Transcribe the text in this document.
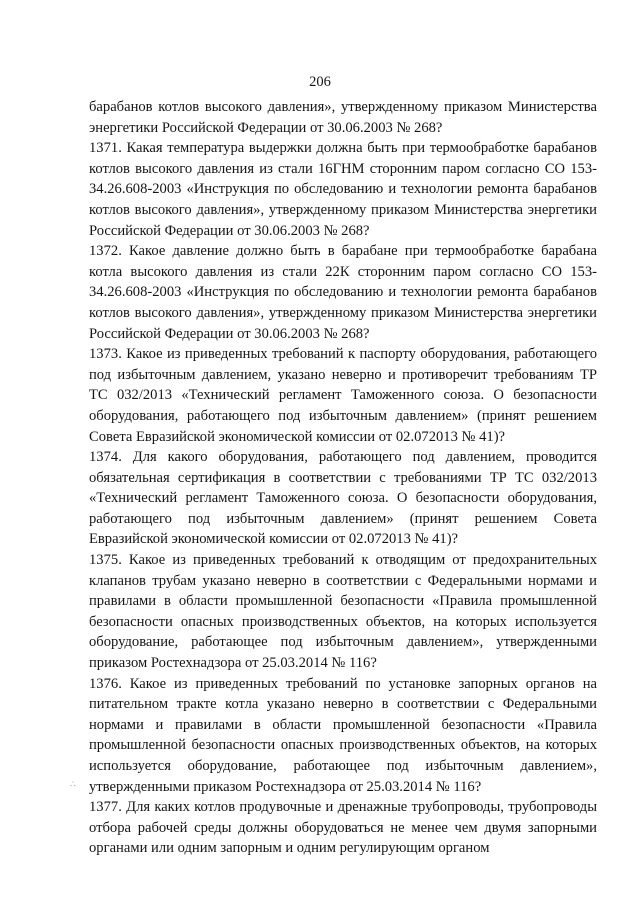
206

барабанов котлов высокого давления», утвержденному приказом Министерства энергетики Российской Федерации от 30.06.2003 № 268?

1371. Какая температура выдержки должна быть при термообработке барабанов котлов высокого давления из стали 16ГНМ сторонним паром согласно СО 153-34.26.608-2003 «Инструкция по обследованию и технологии ремонта барабанов котлов высокого давления», утвержденному приказом Министерства энергетики Российской Федерации от 30.06.2003 № 268?

1372. Какое давление должно быть в барабане при термообработке барабана котла высокого давления из стали 22К сторонним паром согласно СО 153-34.26.608-2003 «Инструкция по обследованию и технологии ремонта барабанов котлов высокого давления», утвержденному приказом Министерства энергетики Российской Федерации от 30.06.2003 № 268?

1373. Какое из приведенных требований к паспорту оборудования, работающего под избыточным давлением, указано неверно и противоречит требованиям ТР ТС 032/2013 «Технический регламент Таможенного союза. О безопасности оборудования, работающего под избыточным давлением» (принят решением Совета Евразийской экономической комиссии от 02.072013 № 41)?

1374. Для какого оборудования, работающего под давлением, проводится обязательная сертификация в соответствии с требованиями ТР ТС 032/2013 «Технический регламент Таможенного союза. О безопасности оборудования, работающего под избыточным давлением» (принят решением Совета Евразийской экономической комиссии от 02.072013 № 41)?

1375. Какое из приведенных требований к отводящим от предохранительных клапанов трубам указано неверно в соответствии с Федеральными нормами и правилами в области промышленной безопасности «Правила промышленной безопасности опасных производственных объектов, на которых используется оборудование, работающее под избыточным давлением», утвержденными приказом Ростехнадзора от 25.03.2014 № 116?

1376. Какое из приведенных требований по установке запорных органов на питательном тракте котла указано неверно в соответствии с Федеральными нормами и правилами в области промышленной безопасности «Правила промышленной безопасности опасных производственных объектов, на которых используется оборудование, работающее под избыточным давлением», утвержденными приказом Ростехнадзора от 25.03.2014 № 116?

1377. Для каких котлов продувочные и дренажные трубопроводы, трубопроводы отбора рабочей среды должны оборудоваться не менее чем двумя запорными органами или одним запорным и одним регулирующим органом

∴
